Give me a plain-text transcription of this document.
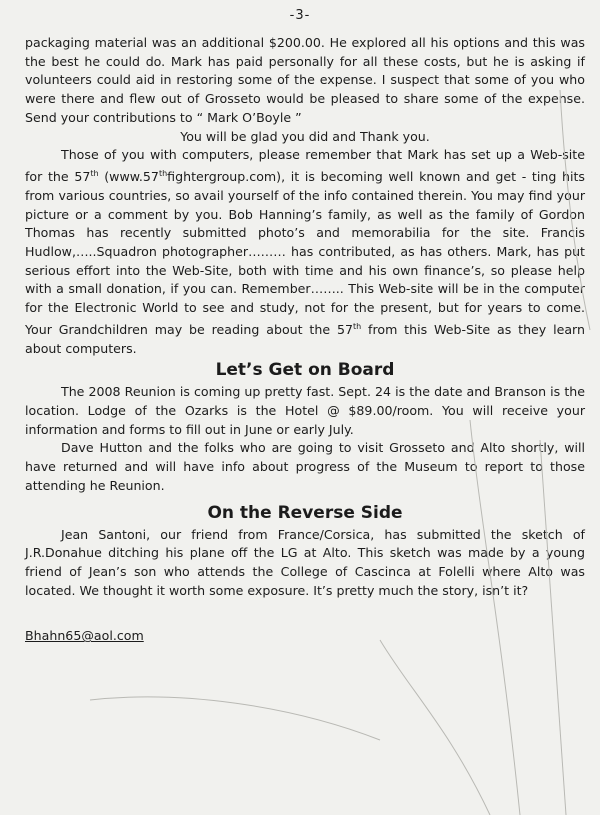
-3-

packaging material was an additional $200.00. He explored all his options and this was the best he could do. Mark has paid personally for all these costs, but he is asking if volunteers could aid in restoring some of the expense. I suspect that some of you who were there and flew out of Grosseto would be pleased to share some of the expense. Send your contributions to “ Mark O’Boyle ”

You will be glad you did and Thank you.

Those of you with computers, please remember that Mark has set up a Web-site for the 57th (www.57thfightergroup.com), it is becoming well known and get - ting hits from various countries, so avail yourself of the info contained therein. You may find your picture or a comment by you. Bob Hanning’s family, as well as the family of Gordon Thomas has recently submitted photo’s and memorabilia for the site. Francis Hudlow,…..Squadron photographer……… has contributed, as has others. Mark, has put serious effort into the Web-Site, both with time and his own finance’s, so please help with a small donation, if you can. Remember…….. This Web-site will be in the computer for the Electronic World to see and study, not for the present, but for years to come. Your Grandchildren may be reading about the 57th from this Web-Site as they learn about computers.

Let’s Get on Board

The 2008 Reunion is coming up pretty fast. Sept. 24 is the date and Branson is the location. Lodge of the Ozarks is the Hotel @ $89.00/room. You will receive your information and forms to fill out in June or early July.

Dave Hutton and the folks who are going to visit Grosseto and Alto shortly, will have returned and will have info about progress of the Museum to report to those attending he Reunion.

On the Reverse Side

Jean Santoni, our friend from France/Corsica, has submitted the sketch of J.R.Donahue ditching his plane off the LG at Alto. This sketch was made by a young friend of Jean’s son who attends the College of Cascinca at Folelli where Alto was located. We thought it worth some exposure. It’s pretty much the story, isn’t it?

Bhahn65@aol.com
